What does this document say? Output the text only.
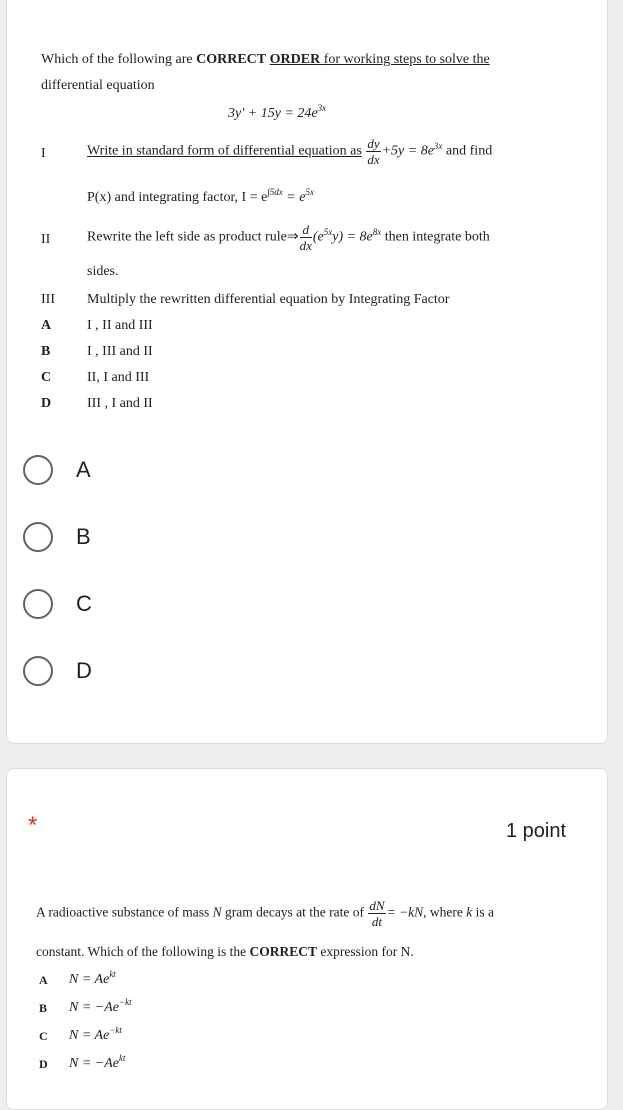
Which of the following are CORRECT ORDER for working steps to solve the
differential equation
$3y' + 15y = 24e^{3x}$
I	Write in standard form of differential equation as $\frac{dy}{dx} +5y = 8e^{3x}$ and find
P(x) and integrating factor, $I = e^{\int 5dx} = e^{5x}$
II	Rewrite the left side as product rule⇒ $\frac{d}{dx} (e^{5x}y) = 8e^{8x}$ then integrate both
sides.
III Multiply the rewritten differential equation by Integrating Factor
A	I , II and III
B	I , III and II
C	II, I and III
D	III , I and II
A
B
C
D
*	1 point
A radioactive substance of mass N gram decays at the rate of $\frac{dN}{dt} = -kN$, where k is a
constant. Which of the following is the CORRECT expression for N.
A $N = Ae^{kt}$
B $N = -Ae^{-kt}$
C $N = Ae^{-kt}$
D $N = -Ae^{kt}$
